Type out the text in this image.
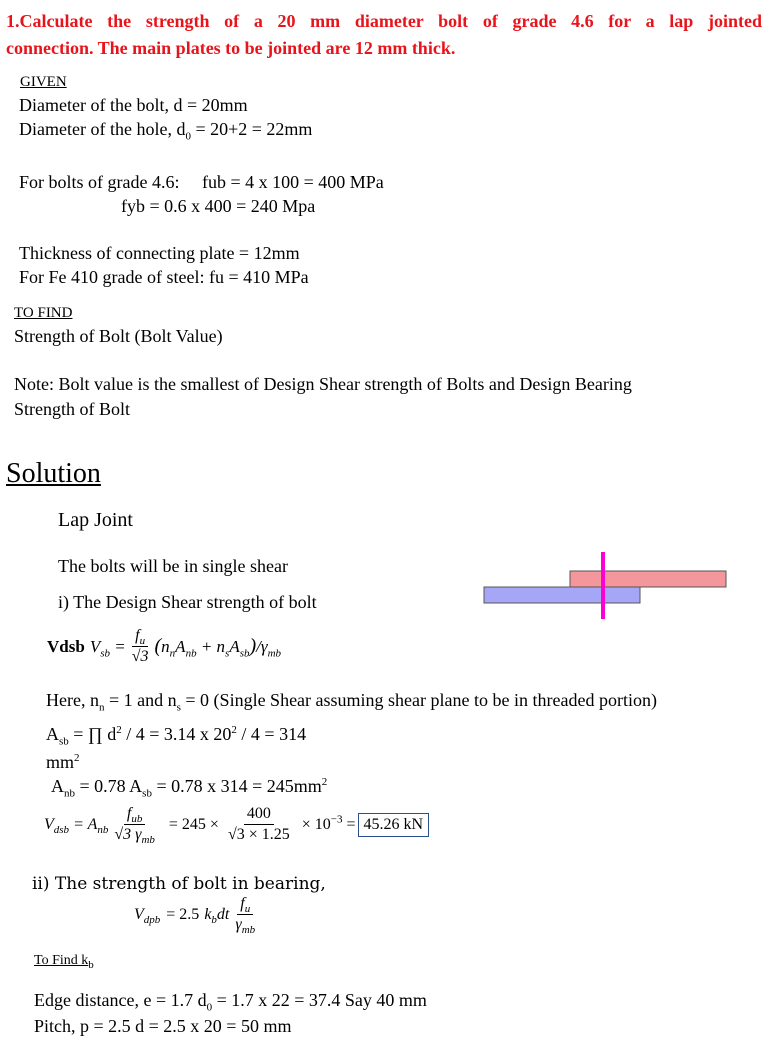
1.Calculate the strength of a 20 mm diameter bolt of grade 4.6 for a lap jointed
connection. The main plates to be jointed are 12 mm thick.
GIVEN
Diameter of the bolt, d = 20mm
Diameter of the hole, $d_0 = 20+2 = 22mm$
For bolts of grade 4.6:     fub = 4 x 100 = 400 MPa
fyb = 0.6 x 400 = 240 Mpa
Thickness of connecting plate = 12mm
For Fe 410 grade of steel: fu = 410 MPa
TO FIND
Strength of Bolt (Bolt Value)
Note: Bolt value is the smallest of Design Shear strength of Bolts and Design Bearing
Strength of Bolt
Solution
Lap Joint
The bolts will be in single shear
i) The Design Shear strength of bolt
Vdsb $V_{sb} = \frac{f_u}{√3}$ ( $n_nA_{nb} + n_sA_{sb}$ ) $/\gamma_{mb}$
Here, $n_n = 1$ and $n_s = 0$ (Single Shear assuming shear plane to be in threaded portion)
$A_{sb}$ = ∏ $d^2 / 4 = 3.14$ x $20^2 / 4 = 314$
$mm^2$
$A_{nb} = 0.78$ $A_{sb} = 0.78$ x $314 = 245mm^2$
$V_{dsb} = A_{nb} \frac{f_{ub}}{√3 \gamma_{mb}} = 245 \times \frac{400}{√3 \times 1.25} \times 10^{-3} = 45.26$ kN
ii) The strength of bolt in bearing,
$V_{dpb} = 2.5$ $k_bdt \frac{f_u}{\gamma_{mb}}$
To Find $k_b$
Edge distance, e = 1.7 $d_0 = 1.7$ x 22 = 37.4 Say 40 mm
Pitch, p = 2.5 d = 2.5 x 20 = 50 mm
